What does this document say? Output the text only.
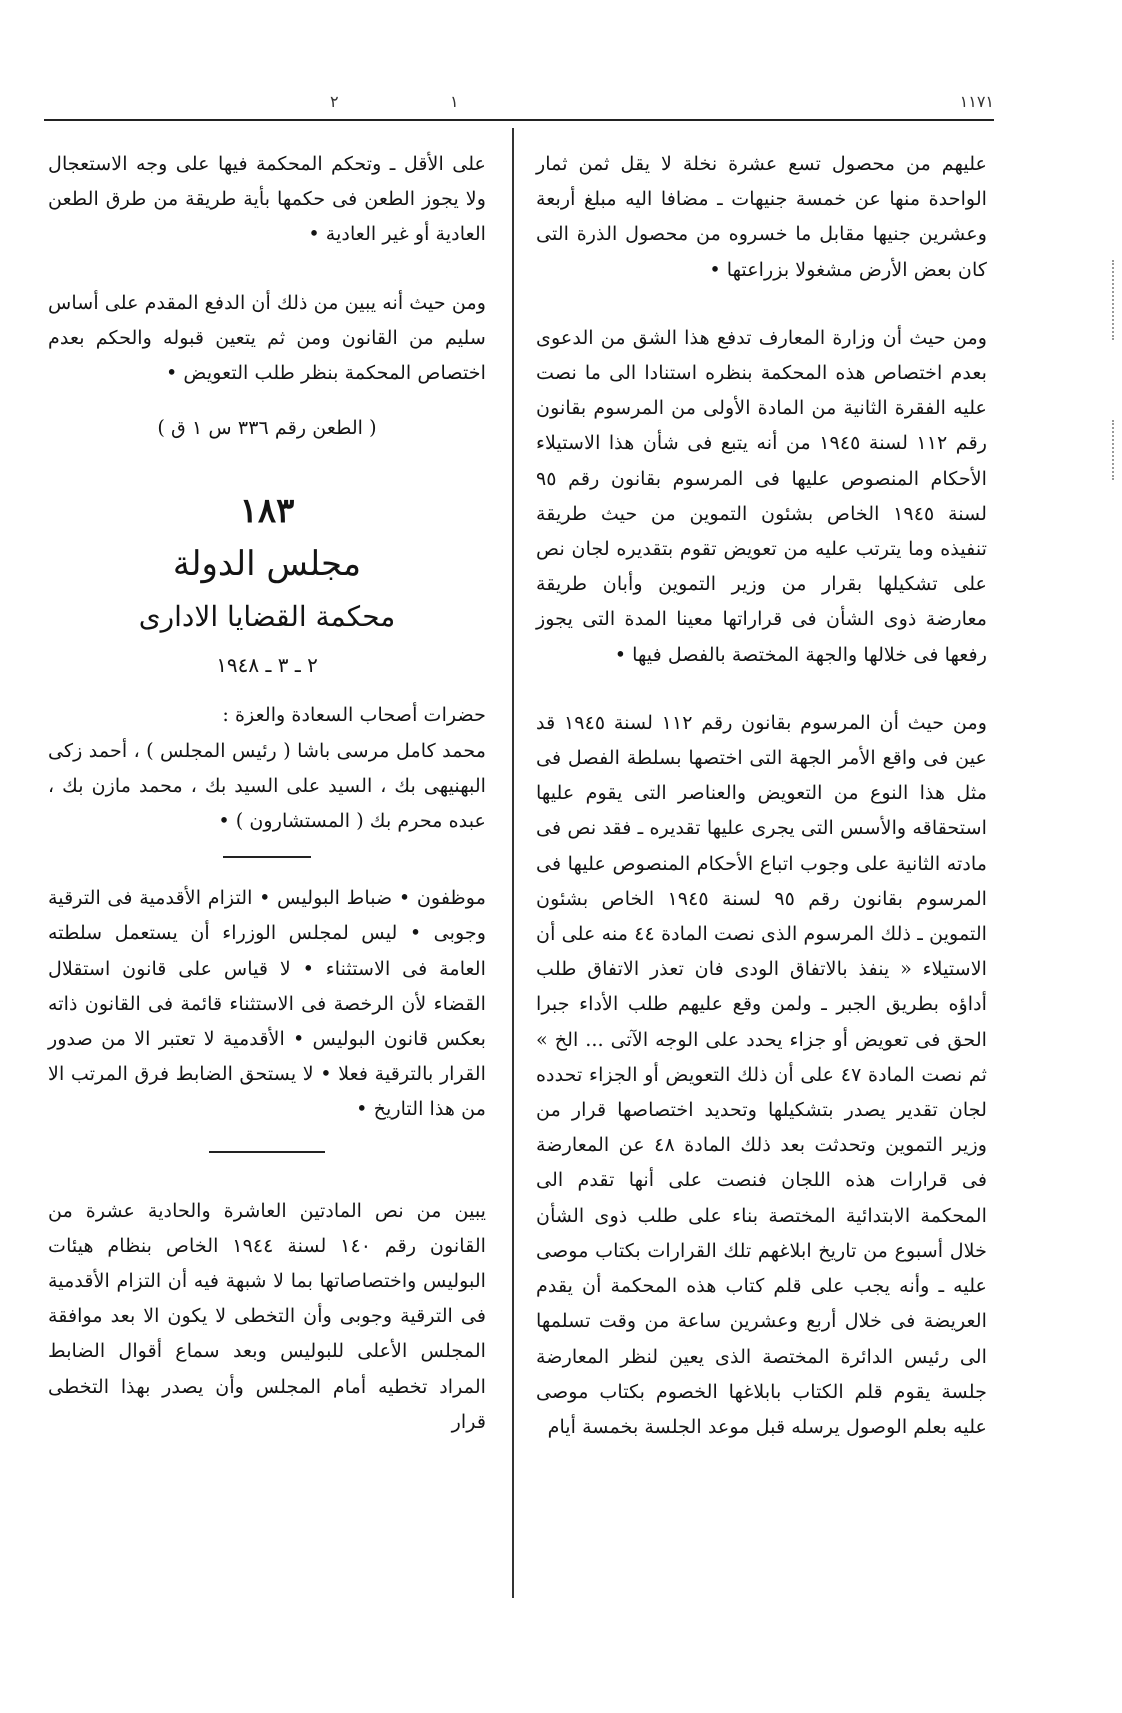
١١٧١
١
٢

عليهم من محصول تسع عشرة نخلة لا يقل ثمن ثمار الواحدة منها عن خمسة جنيهات ـ مضافا اليه مبلغ أربعة وعشرين جنيها مقابل ما خسروه من محصول الذرة التى كان بعض الأرض مشغولا بزراعتها •

ومن حيث أن وزارة المعارف تدفع هذا الشق من الدعوى بعدم اختصاص هذه المحكمة بنظره استنادا الى ما نصت عليه الفقرة الثانية من المادة الأولى من المرسوم بقانون رقم ١١٢ لسنة ١٩٤٥ من أنه يتبع فى شأن هذا الاستيلاء الأحكام المنصوص عليها فى المرسوم بقانون رقم ٩٥ لسنة ١٩٤٥ الخاص بشئون التموين من حيث طريقة تنفيذه وما يترتب عليه من تعويض تقوم بتقديره لجان نص على تشكيلها بقرار من وزير التموين وأبان طريقة معارضة ذوى الشأن فى قراراتها معينا المدة التى يجوز رفعها فى خلالها والجهة المختصة بالفصل فيها •

ومن حيث أن المرسوم بقانون رقم ١١٢ لسنة ١٩٤٥ قد عين فى واقع الأمر الجهة التى اختصها بسلطة الفصل فى مثل هذا النوع من التعويض والعناصر التى يقوم عليها استحقاقه والأسس التى يجرى عليها تقديره ـ فقد نص فى مادته الثانية على وجوب اتباع الأحكام المنصوص عليها فى المرسوم بقانون رقم ٩٥ لسنة ١٩٤٥ الخاص بشئون التموين ـ ذلك المرسوم الذى نصت المادة ٤٤ منه على أن الاستيلاء « ينفذ بالاتفاق الودى فان تعذر الاتفاق طلب أداؤه بطريق الجبر ـ ولمن وقع عليهم طلب الأداء جبرا الحق فى تعويض أو جزاء يحدد على الوجه الآتى ... الخ » ثم نصت المادة ٤٧ على أن ذلك التعويض أو الجزاء تحدده لجان تقدير يصدر بتشكيلها وتحديد اختصاصها قرار من وزير التموين وتحدثت بعد ذلك المادة ٤٨ عن المعارضة فى قرارات هذه اللجان فنصت على أنها تقدم الى المحكمة الابتدائية المختصة بناء على طلب ذوى الشأن خلال أسبوع من تاريخ ابلاغهم تلك القرارات بكتاب موصى عليه ـ وأنه يجب على قلم كتاب هذه المحكمة أن يقدم العريضة فى خلال أربع وعشرين ساعة من وقت تسلمها الى رئيس الدائرة المختصة الذى يعين لنظر المعارضة جلسة يقوم قلم الكتاب بابلاغها الخصوم بكتاب موصى عليه بعلم الوصول يرسله قبل موعد الجلسة بخمسة أيام

على الأقل ـ وتحكم المحكمة فيها على وجه الاستعجال ولا يجوز الطعن فى حكمها بأية طريقة من طرق الطعن العادية أو غير العادية •

ومن حيث أنه يبين من ذلك أن الدفع المقدم على أساس سليم من القانون ومن ثم يتعين قبوله والحكم بعدم اختصاص المحكمة بنظر طلب التعويض •

( الطعن رقم ٣٣٦ س ١ ق )
١٨٣
مجلس الدولة
محكمة القضايا الادارى
٢ ـ ٣ ـ ١٩٤٨
حضرات أصحاب السعادة والعزة :
محمد كامل مرسى باشا ( رئيس المجلس ) ، أحمد زكى البهنيهى بك ، السيد على السيد بك ، محمد مازن بك ، عبده محرم بك ( المستشارون ) •

موظفون • ضباط البوليس • التزام الأقدمية فى الترقية وجوبى • ليس لمجلس الوزراء أن يستعمل سلطته العامة فى الاستثناء • لا قياس على قانون استقلال القضاء لأن الرخصة فى الاستثناء قائمة فى القانون ذاته بعكس قانون البوليس • الأقدمية لا تعتبر الا من صدور القرار بالترقية فعلا • لا يستحق الضابط فرق المرتب الا من هذا التاريخ •

يبين من نص المادتين العاشرة والحادية عشرة من القانون رقم ١٤٠ لسنة ١٩٤٤ الخاص بنظام هيئات البوليس واختصاصاتها بما لا شبهة فيه أن التزام الأقدمية فى الترقية وجوبى وأن التخطى لا يكون الا بعد موافقة المجلس الأعلى للبوليس وبعد سماع أقوال الضابط المراد تخطيه أمام المجلس وأن يصدر بهذا التخطى قرار
